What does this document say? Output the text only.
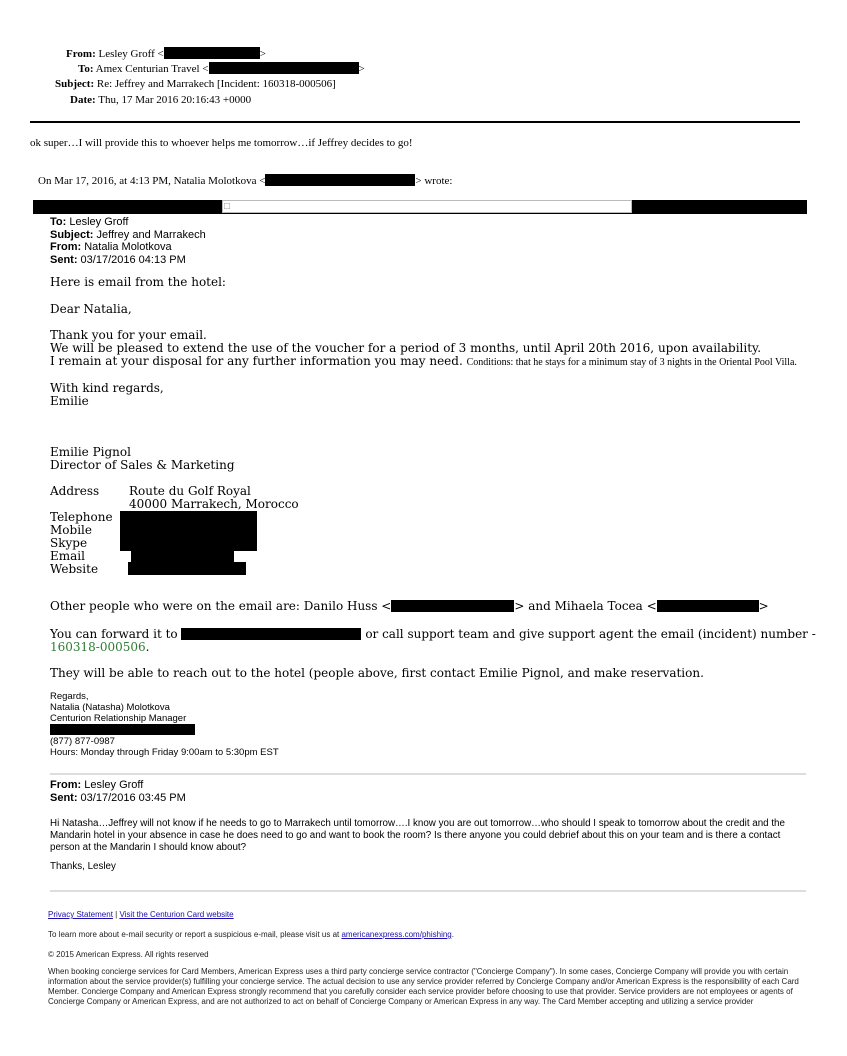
From: Lesley Groff <	>
To: Amex Centurian Travel <	>
Subject: Re: Jeffrey and Marrakech [Incident: 160318-000506]
Date: Thu, 17 Mar 2016 20:16:43 +0000
ok super…I will provide this to whoever helps me tomorrow…if Jeffrey decides to go!
On Mar 17, 2016, at 4:13 PM, Natalia Molotkova <	> wrote:
□
To: Lesley Groff
Subject: Jeffrey and Marrakech
From: Natalia Molotkova
Sent: 03/17/2016 04:13 PM
Here is email from the hotel:
Dear Natalia,
Thank you for your email.
We will be pleased to extend the use of the voucher for a period of 3 months, until April 20th 2016, upon availability.
I remain at your disposal for any further information you may need. Conditions: that he stays for a minimum stay of 3 nights in the Oriental Pool Villa.
With kind regards,
Emilie
Emilie Pignol
Director of Sales & Marketing
Address Route du Golf Royal
40000 Marrakech, Morocco
Telephone
Mobile
Skype
Email
Website
Other people who were on the email are: Danilo Huss <	> and Mihaela Tocea <	>
You can forward it to	or call support team and give support agent the email (incident) number -
160318-000506.
They will be able to reach out to the hotel (people above, first contact Emilie Pignol, and make reservation.
Regards,
Natalia (Natasha) Molotkova
Centurion Relationship Manager
(877) 877-0987
Hours: Monday through Friday 9:00am to 5:30pm EST
From: Lesley Groff
Sent: 03/17/2016 03:45 PM
Hi Natasha…Jeffrey will not know if he needs to go to Marrakech until tomorrow….I know you are out tomorrow…who should I speak to tomorrow about the credit and the Mandarin hotel in your absence in case he does need to go and want to book the room? Is there anyone you could debrief about this on your team and is there a contact person at the Mandarin I should know about?
Thanks, Lesley
Privacy Statement | Visit the Centurion Card website
To learn more about e-mail security or report a suspicious e-mail, please visit us at americanexpress.com/phishing.
© 2015 American Express. All rights reserved
When booking concierge services for Card Members, American Express uses a third party concierge service contractor ("Concierge Company"). In some cases, Concierge Company will provide you with certain information about the service provider(s) fulfilling your concierge service. The actual decision to use any service provider referred by Concierge Company and/or American Express is the responsibility of each Card Member. Concierge Company and American Express strongly recommend that you carefully consider each service provider before choosing to use that provider. Service providers are not employees or agents of Concierge Company or American Express, and are not authorized to act on behalf of Concierge Company or American Express in any way. The Card Member accepting and utilizing a service provider
